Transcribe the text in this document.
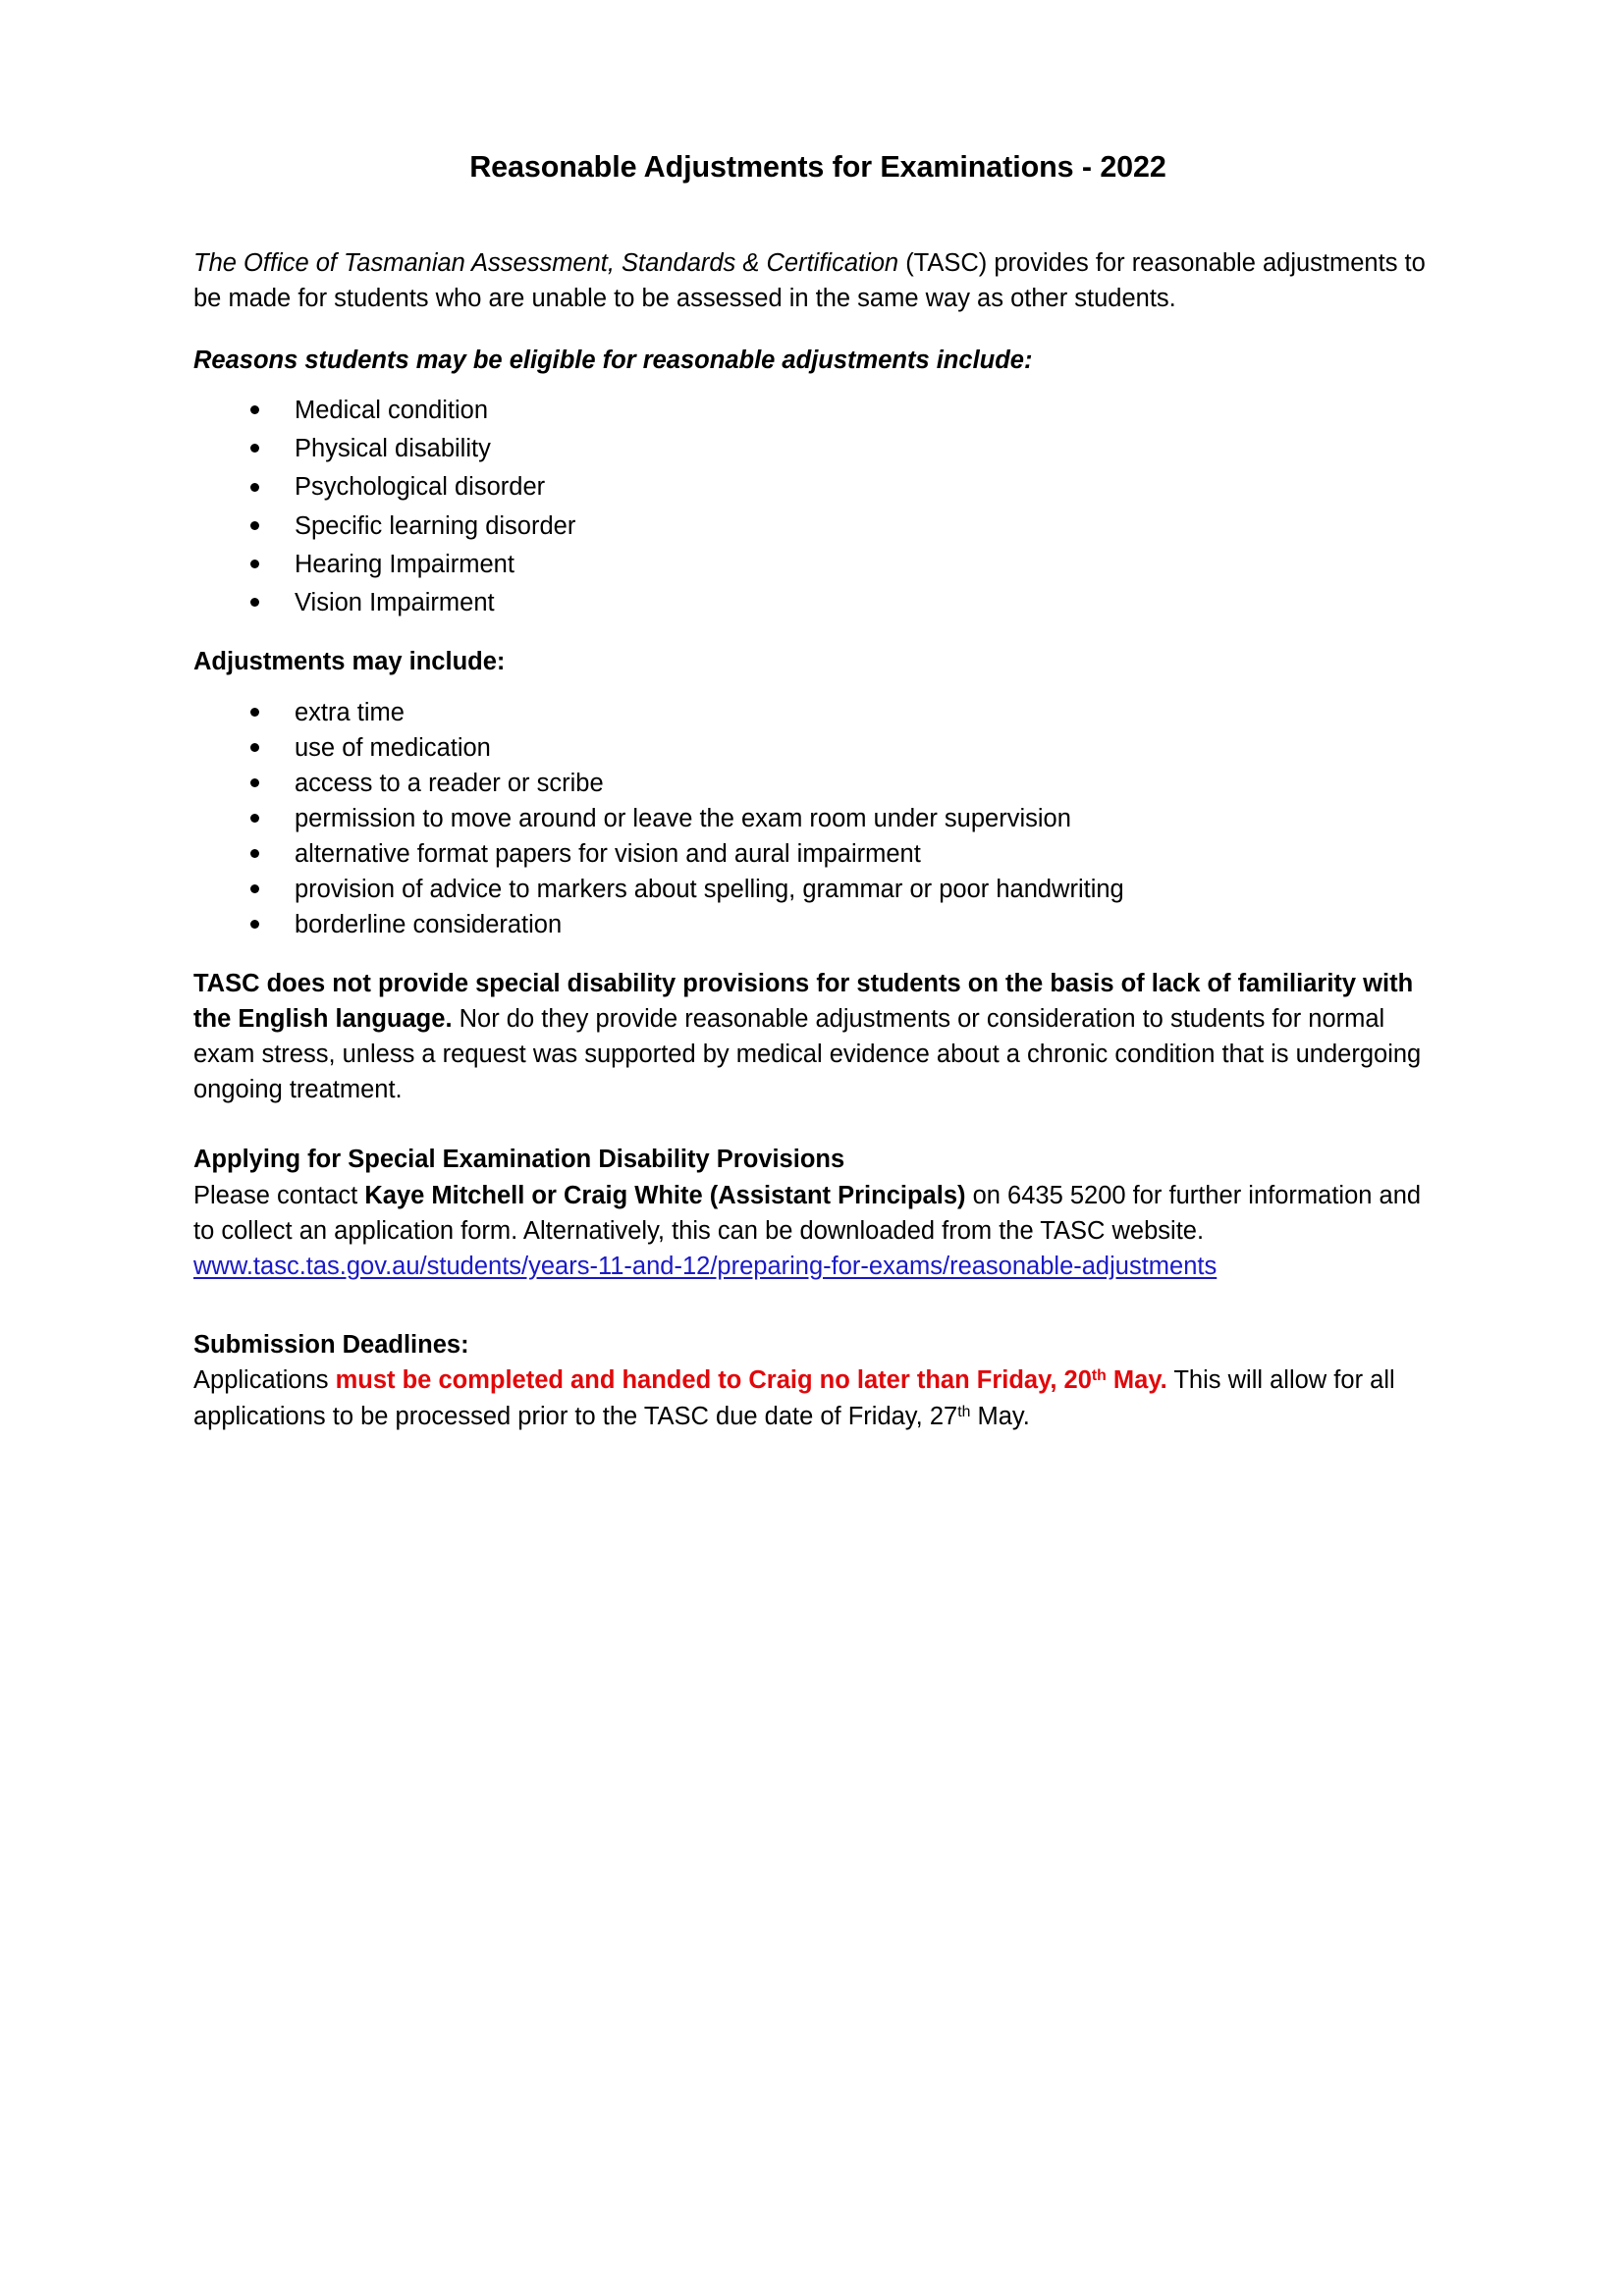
Reasonable Adjustments for Examinations - 2022

The Office of Tasmanian Assessment, Standards & Certification (TASC) provides for reasonable adjustments to be made for students who are unable to be assessed in the same way as other students.

Reasons students may be eligible for reasonable adjustments include:

Medical condition
Physical disability
Psychological disorder
Specific learning disorder
Hearing Impairment
Vision Impairment

Adjustments may include:

extra time
use of medication
access to a reader or scribe
permission to move around or leave the exam room under supervision
alternative format papers for vision and aural impairment
provision of advice to markers about spelling, grammar or poor handwriting
borderline consideration

TASC does not provide special disability provisions for students on the basis of lack of familiarity with the English language. Nor do they provide reasonable adjustments or consideration to students for normal exam stress, unless a request was supported by medical evidence about a chronic condition that is undergoing ongoing treatment.

Applying for Special Examination Disability Provisions

Please contact Kaye Mitchell or Craig White (Assistant Principals) on 6435 5200 for further information and to collect an application form. Alternatively, this can be downloaded from the TASC website.

www.tasc.tas.gov.au/students/years-11-and-12/preparing-for-exams/reasonable-adjustments

Submission Deadlines:

Applications must be completed and handed to Craig no later than Friday, 20th May. This will allow for all applications to be processed prior to the TASC due date of Friday, 27th May.
